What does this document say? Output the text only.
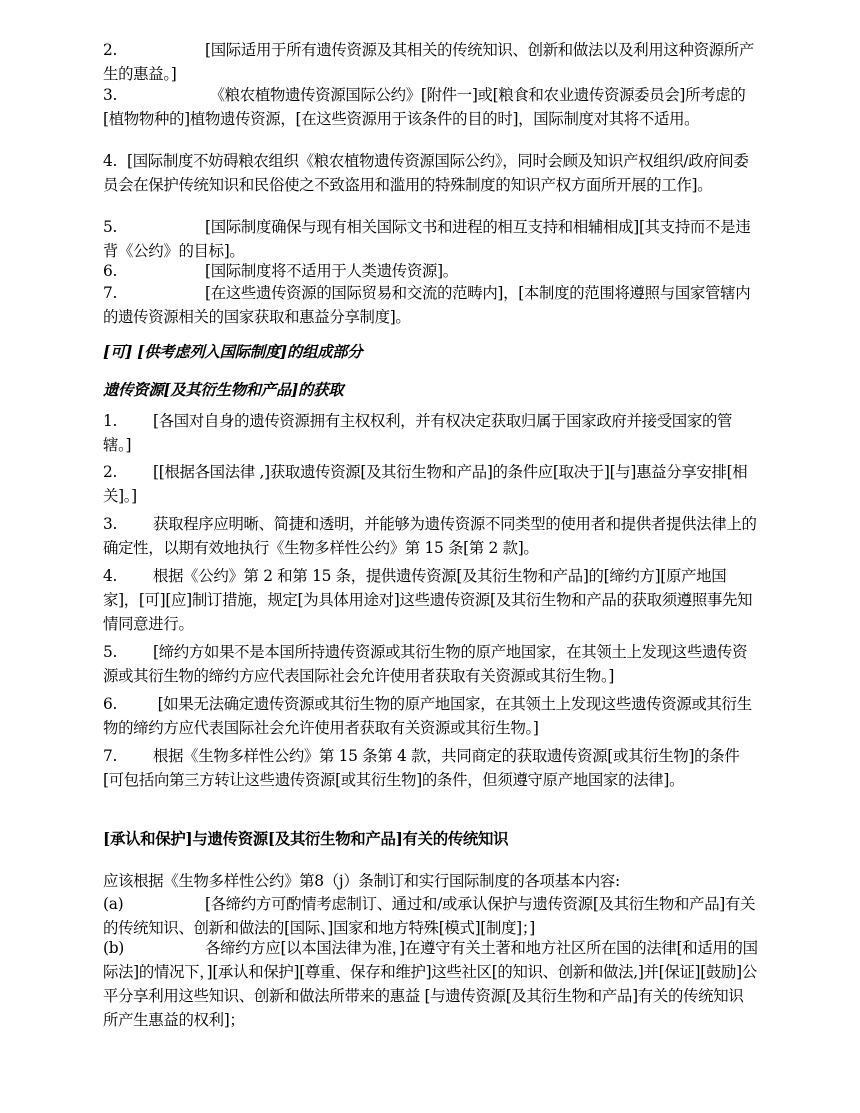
2.	[国际适用于所有遗传资源及其相关的传统知识、创新和做法以及利用这种资源所产生的惠益。]

3.	《粮农植物遗传资源国际公约》[附件一]或[粮食和农业遗传资源委员会]所考虑的[植物物种的]植物遗传资源，[在这些资源用于该条件的目的时]，国际制度对其将不适用。

4. [国际制度不妨碍粮农组织《粮农植物遗传资源国际公约》，同时会顾及知识产权组织/政府间委员会在保护传统知识和民俗使之不致盗用和滥用的特殊制度的知识产权方面所开展的工作]。

5.	[国际制度确保与现有相关国际文书和进程的相互支持和相辅相成][其支持而不是违背《公约》的目标]。

6.	[国际制度将不适用于人类遗传资源]。

7.	[在这些遗传资源的国际贸易和交流的范畴内]，[本制度的范围将遵照与国家管辖内的遗传资源相关的国家获取和惠益分享制度]。

[可] [供考虑列入国际制度]的组成部分

遗传资源[及其衍生物和产品]的获取

1. [各国对自身的遗传资源拥有主权权利，并有权决定获取归属于国家政府并接受国家的管辖。]

2. [[根据各国法律 ,]获取遗传资源[及其衍生物和产品]的条件应[取决于][与]惠益分享安排[相关]。]

3. 获取程序应明晰、简捷和透明，并能够为遗传资源不同类型的使用者和提供者提供法律上的确定性，以期有效地执行《生物多样性公约》第 15 条[第 2 款]。

4. 根据《公约》第 2 和第 15 条，提供遗传资源[及其衍生物和产品]的[缔约方][原产地国家]，[可][应]制订措施，规定[为具体用途对]这些遗传资源[及其衍生物和产品的获取须遵照事先知情同意进行。

5. [缔约方如果不是本国所持遗传资源或其衍生物的原产地国家，在其领土上发现这些遗传资源或其衍生物的缔约方应代表国际社会允许使用者获取有关资源或其衍生物。]

6. [如果无法确定遗传资源或其衍生物的原产地国家，在其领土上发现这些遗传资源或其衍生物的缔约方应代表国际社会允许使用者获取有关资源或其衍生物。]

7. 根据《生物多样性公约》第 15 条第 4 款，共同商定的获取遗传资源[或其衍生物]的条件[可包括向第三方转让这些遗传资源[或其衍生物]的条件，但须遵守原产地国家的法律]。

[承认和保护]与遗传资源[及其衍生物和产品]有关的传统知识

应该根据《生物多样性公约》第8（j）条制订和实行国际制度的各项基本内容:

(a)	[各缔约方可酌情考虑制订、通过和/或承认保护与遗传资源[及其衍生物和产品]有关的传统知识、创新和做法的[国际、]国家和地方特殊[模式][制度]；]

(b)	各缔约方应[以本国法律为准，]在遵守有关土著和地方社区所在国的法律[和适用的国际法]的情况下，][承认和保护][尊重、保存和维护]这些社区[的知识、创新和做法,]并[保证][鼓励]公平分享利用这些知识、创新和做法所带来的惠益 [与遗传资源[及其衍生物和产品]有关的传统知识所产生惠益的权利]；
